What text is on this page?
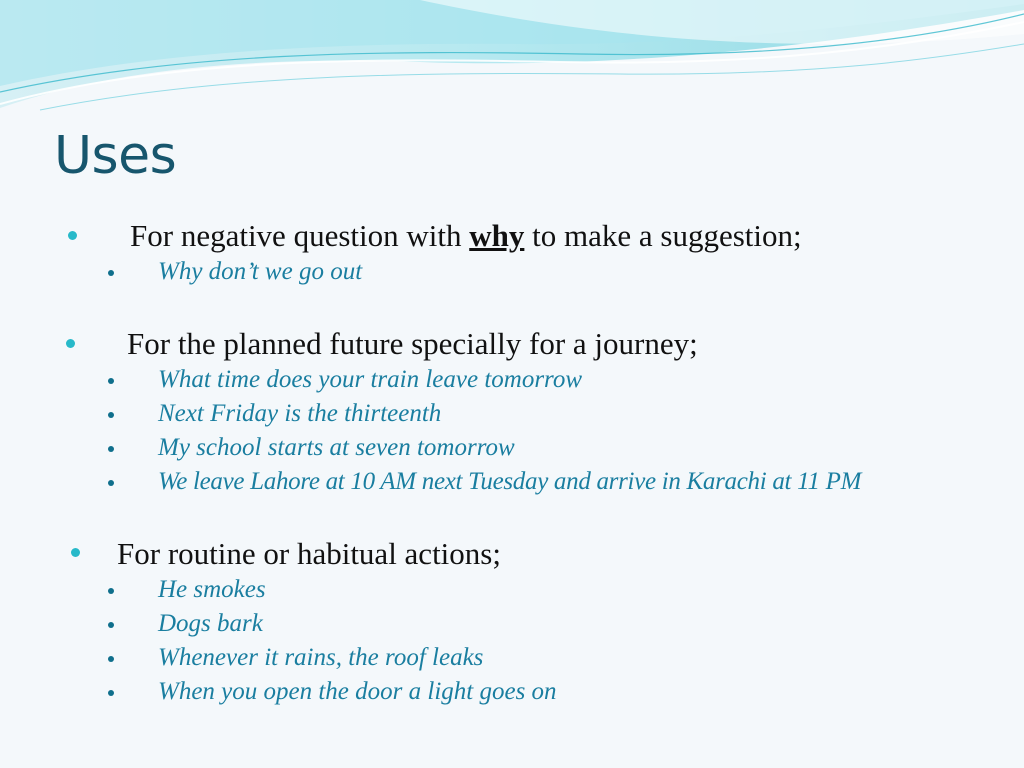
Uses
For negative question with why to make a suggestion;
Why don’t we go out
For the planned future specially for a journey;
What time does your train leave tomorrow
Next Friday is the thirteenth
My school starts at seven tomorrow
We leave Lahore at 10 AM next Tuesday and arrive in Karachi at 11 PM
For routine or habitual actions;
He smokes
Dogs bark
Whenever it rains, the roof leaks
When you open the door a light goes on
